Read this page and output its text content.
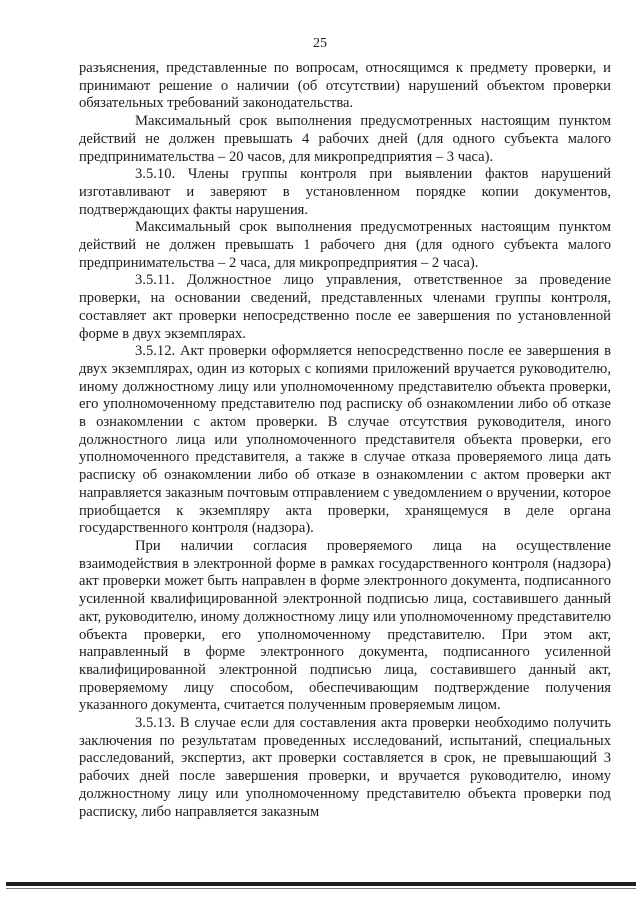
25

разъяснения, представленные по вопросам, относящимся к предмету проверки, и принимают решение о наличии (об отсутствии) нарушений объектом проверки обязательных требований законодательства.

Максимальный срок выполнения предусмотренных настоящим пунктом действий не должен превышать 4 рабочих дней (для одного субъекта малого предпринимательства – 20 часов, для микропредприятия – 3 часа).

3.5.10. Члены группы контроля при выявлении фактов нарушений изготавливают и заверяют в установленном порядке копии документов, подтверждающих факты нарушения.

Максимальный срок выполнения предусмотренных настоящим пунктом действий не должен превышать 1 рабочего дня (для одного субъекта малого предпринимательства – 2 часа, для микропредприятия – 2 часа).

3.5.11. Должностное лицо управления, ответственное за проведение проверки, на основании сведений, представленных членами группы контроля, составляет акт проверки непосредственно после ее завершения по установленной форме в двух экземплярах.

3.5.12. Акт проверки оформляется непосредственно после ее завершения в двух экземплярах, один из которых с копиями приложений вручается руководителю, иному должностному лицу или уполномоченному представителю объекта проверки, его уполномоченному представителю под расписку об ознакомлении либо об отказе в ознакомлении с актом проверки. В случае отсутствия руководителя, иного должностного лица или уполномоченного представителя объекта проверки, его уполномоченного представителя, а также в случае отказа проверяемого лица дать расписку об ознакомлении либо об отказе в ознакомлении с актом проверки акт направляется заказным почтовым отправлением с уведомлением о вручении, которое приобщается к экземпляру акта проверки, хранящемуся в деле органа государственного контроля (надзора).

При наличии согласия проверяемого лица на осуществление взаимодействия в электронной форме в рамках государственного контроля (надзора) акт проверки может быть направлен в форме электронного документа, подписанного усиленной квалифицированной электронной подписью лица, составившего данный акт, руководителю, иному должностному лицу или уполномоченному представителю объекта проверки, его уполномоченному представителю. При этом акт, направленный в форме электронного документа, подписанного усиленной квалифицированной электронной подписью лица, составившего данный акт, проверяемому лицу способом, обеспечивающим подтверждение получения указанного документа, считается полученным проверяемым лицом.

3.5.13. В случае если для составления акта проверки необходимо получить заключения по результатам проведенных исследований, испытаний, специальных расследований, экспертиз, акт проверки составляется в срок, не превышающий 3 рабочих дней после завершения проверки, и вручается руководителю, иному должностному лицу или уполномоченному представителю объекта проверки под расписку, либо направляется заказным
